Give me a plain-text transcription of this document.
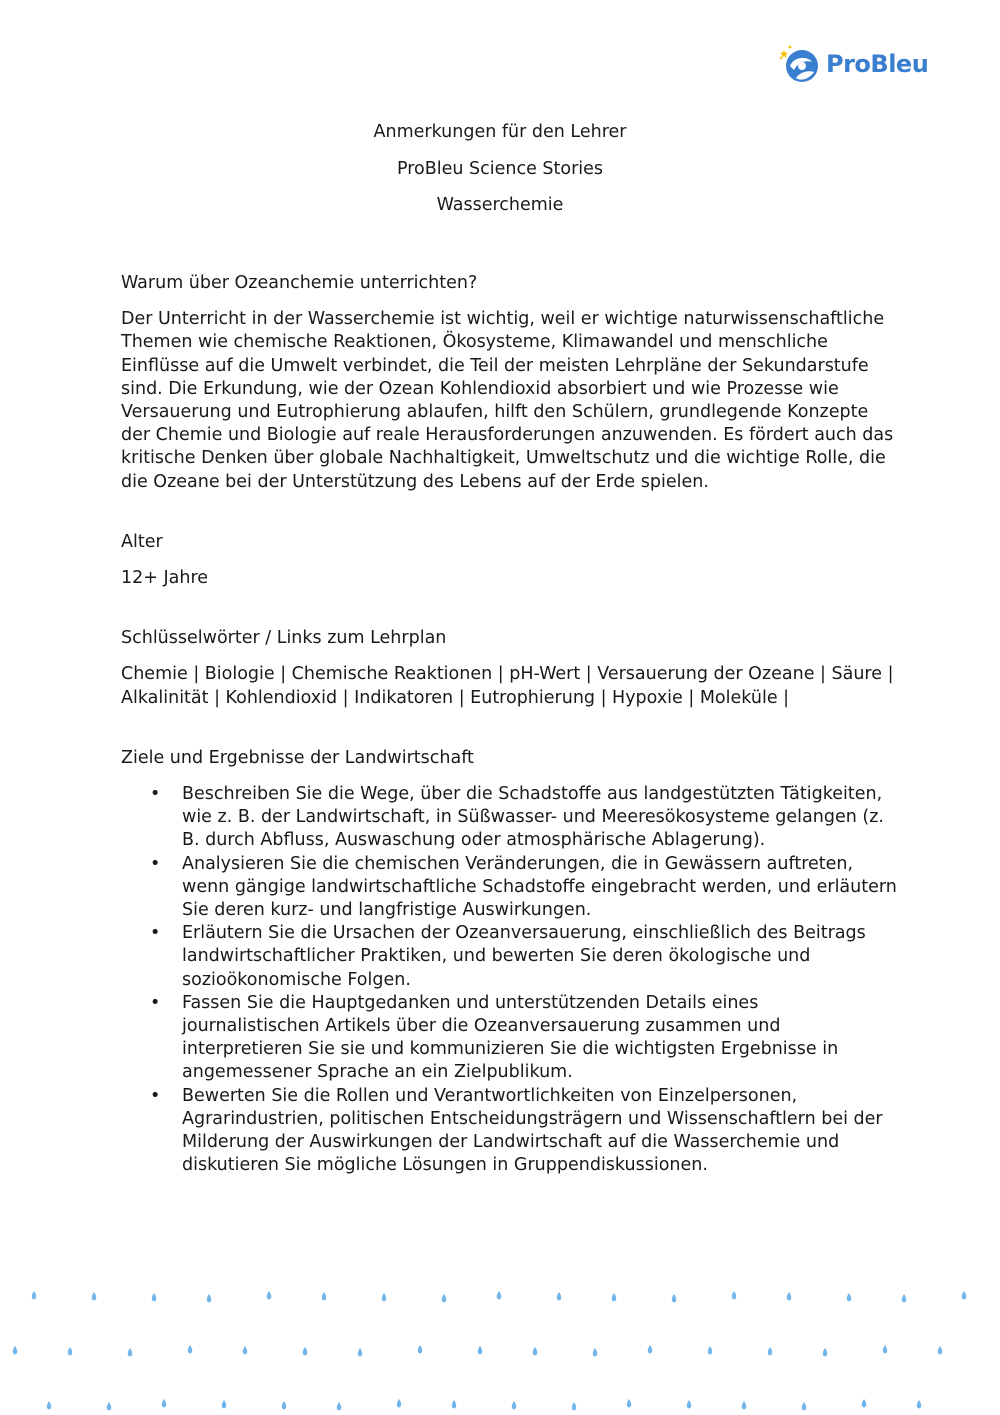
ProBleu
Anmerkungen für den Lehrer
ProBleu Science Stories
Wasserchemie

Warum über Ozeanchemie unterrichten?

Der Unterricht in der Wasserchemie ist wichtig, weil er wichtige naturwissenschaftliche Themen wie chemische Reaktionen, Ökosysteme, Klimawandel und menschliche Einflüsse auf die Umwelt verbindet, die Teil der meisten Lehrpläne der Sekundarstufe sind. Die Erkundung, wie der Ozean Kohlendioxid absorbiert und wie Prozesse wie Versauerung und Eutrophierung ablaufen, hilft den Schülern, grundlegende Konzepte der Chemie und Biologie auf reale Herausforderungen anzuwenden. Es fördert auch das kritische Denken über globale Nachhaltigkeit, Umweltschutz und die wichtige Rolle, die die Ozeane bei der Unterstützung des Lebens auf der Erde spielen.

Alter

12+ Jahre

Schlüsselwörter / Links zum Lehrplan

Chemie | Biologie | Chemische Reaktionen | pH-Wert | Versauerung der Ozeane | Säure | Alkalinität | Kohlendioxid | Indikatoren | Eutrophierung | Hypoxie | Moleküle |

Ziele und Ergebnisse der Landwirtschaft

• Beschreiben Sie die Wege, über die Schadstoffe aus landgestützten Tätigkeiten, wie z. B. der Landwirtschaft, in Süßwasser- und Meeresökosysteme gelangen (z. B. durch Abfluss, Auswaschung oder atmosphärische Ablagerung).
• Analysieren Sie die chemischen Veränderungen, die in Gewässern auftreten, wenn gängige landwirtschaftliche Schadstoffe eingebracht werden, und erläutern Sie deren kurz- und langfristige Auswirkungen.
• Erläutern Sie die Ursachen der Ozeanversauerung, einschließlich des Beitrags landwirtschaftlicher Praktiken, und bewerten Sie deren ökologische und sozioökonomische Folgen.
• Fassen Sie die Hauptgedanken und unterstützenden Details eines journalistischen Artikels über die Ozeanversauerung zusammen und interpretieren Sie sie und kommunizieren Sie die wichtigsten Ergebnisse in angemessener Sprache an ein Zielpublikum.
• Bewerten Sie die Rollen und Verantwortlichkeiten von Einzelpersonen, Agrarindustrien, politischen Entscheidungsträgern und Wissenschaftlern bei der Milderung der Auswirkungen der Landwirtschaft auf die Wasserchemie und diskutieren Sie mögliche Lösungen in Gruppendiskussionen.
